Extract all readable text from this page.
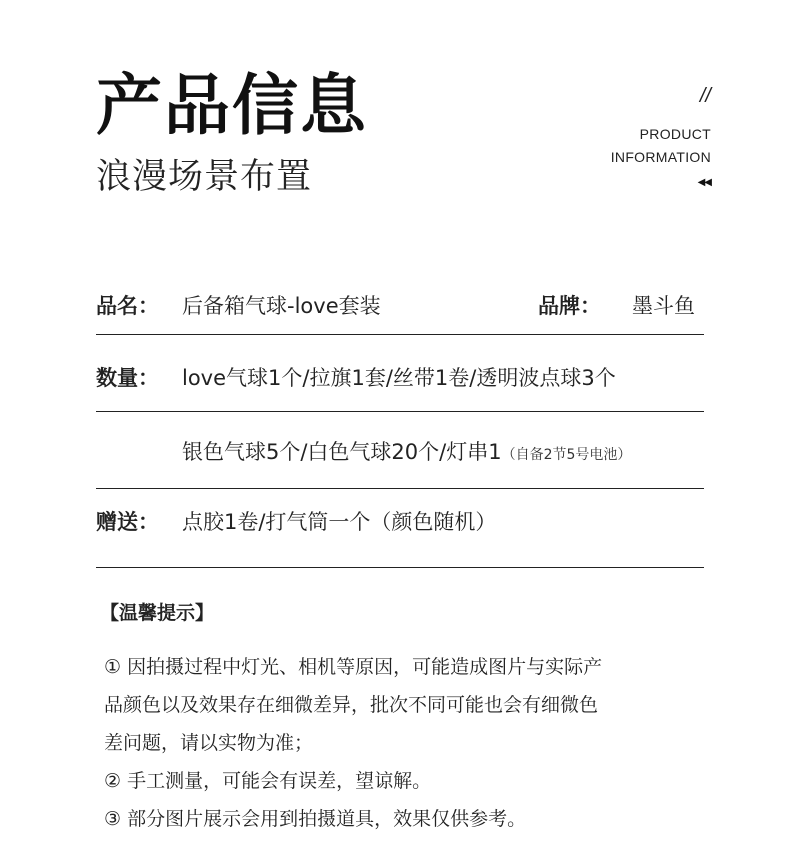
产品信息
浪漫场景布置
//
PRODUCT
INFORMATION
◀◀
品名： 后备箱气球-love套装	品牌： 墨斗鱼
数量： love气球1个/拉旗1套/丝带1卷/透明波点球3个
银色气球5个/白色气球20个/灯串1（自备2节5号电池）
赠送： 点胶1卷/打气筒一个（颜色随机）
【温馨提示】

① 因拍摄过程中灯光、相机等原因，可能造成图片与实际产

品颜色以及效果存在细微差异，批次不同可能也会有细微色

差问题，请以实物为准；

② 手工测量，可能会有误差，望谅解。

③ 部分图片展示会用到拍摄道具，效果仅供参考。
